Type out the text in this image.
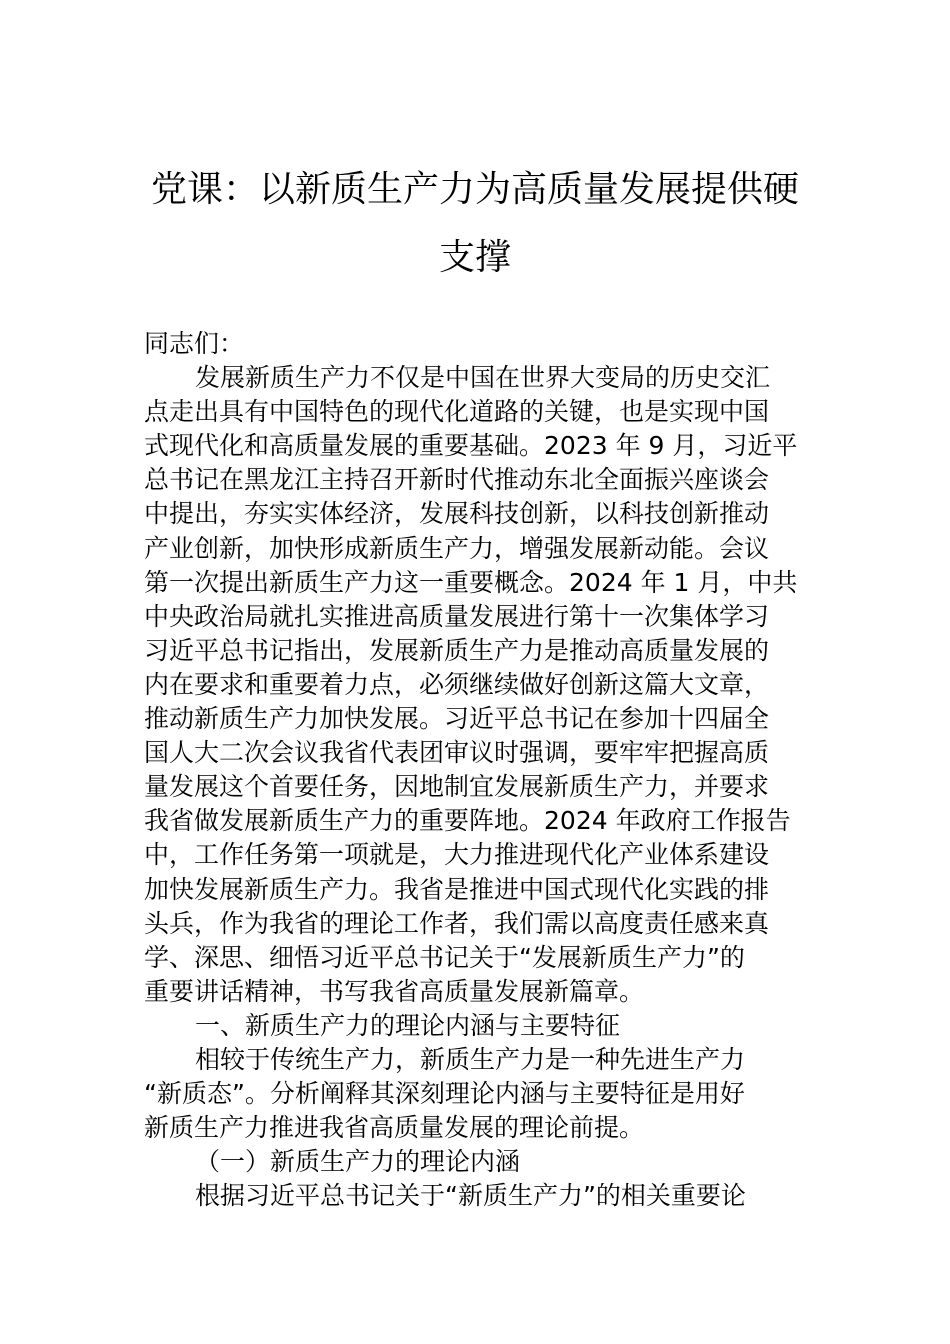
党课：以新质生产力为高质量发展提供硬
支撑
同志们：
发展新质生产力不仅是中国在世界大变局的历史交汇
点走出具有中国特色的现代化道路的关键，也是实现中国
式现代化和高质量发展的重要基础。2023 年 9 月，习近平
总书记在黑龙江主持召开新时代推动东北全面振兴座谈会
中提出，夯实实体经济，发展科技创新，以科技创新推动
产业创新，加快形成新质生产力，增强发展新动能。会议
第一次提出新质生产力这一重要概念。2024 年 1 月，中共
中央政治局就扎实推进高质量发展进行第十一次集体学习
习近平总书记指出，发展新质生产力是推动高质量发展的
内在要求和重要着力点，必须继续做好创新这篇大文章，
推动新质生产力加快发展。习近平总书记在参加十四届全
国人大二次会议我省代表团审议时强调，要牢牢把握高质
量发展这个首要任务，因地制宜发展新质生产力，并要求
我省做发展新质生产力的重要阵地。2024 年政府工作报告
中，工作任务第一项就是，大力推进现代化产业体系建设
加快发展新质生产力。我省是推进中国式现代化实践的排
头兵，作为我省的理论工作者，我们需以高度责任感来真
学、深思、细悟习近平总书记关于“发展新质生产力”的
重要讲话精神，书写我省高质量发展新篇章。
一、新质生产力的理论内涵与主要特征
相较于传统生产力，新质生产力是一种先进生产力
“新质态”。分析阐释其深刻理论内涵与主要特征是用好
新质生产力推进我省高质量发展的理论前提。
（一）新质生产力的理论内涵
根据习近平总书记关于“新质生产力”的相关重要论
